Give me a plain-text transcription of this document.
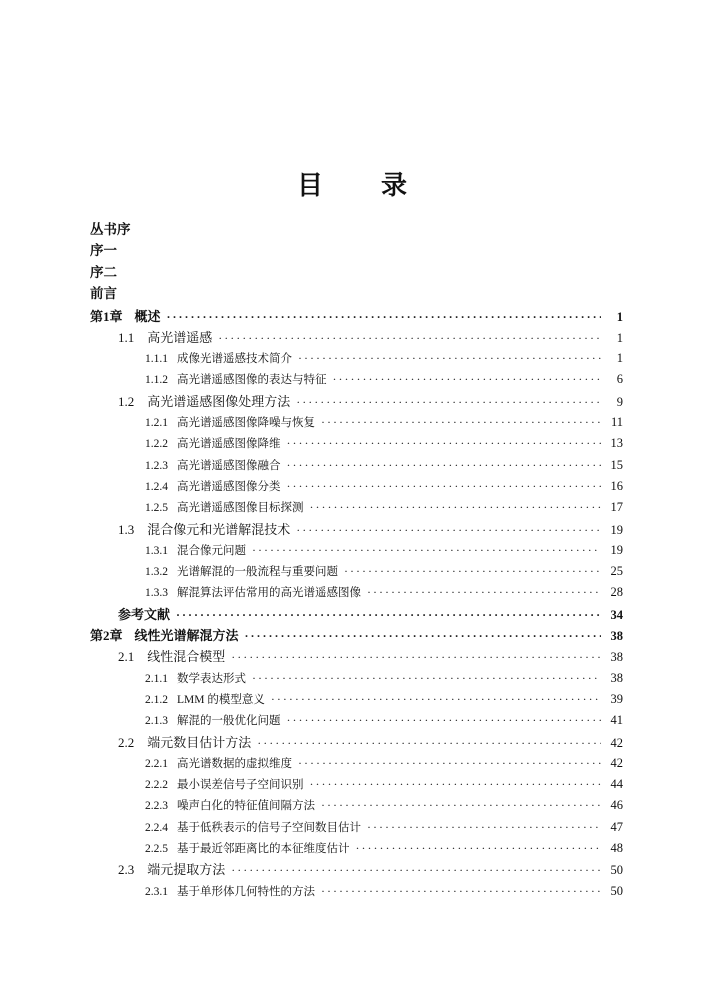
目　　录
丛书序
序一
序二
前言
第1章 概述 ·····	1
1.1 高光谱遥感 ·····	1
1.1.1 成像光谱遥感技术简介 ·····	1
1.1.2 高光谱遥感图像的表达与特征 ·····	6
1.2 高光谱遥感图像处理方法 ·····	9
1.2.1 高光谱遥感图像降噪与恢复 ·····	11
1.2.2 高光谱遥感图像降维 ·····	13
1.2.3 高光谱遥感图像融合 ·····	15
1.2.4 高光谱遥感图像分类 ·····	16
1.2.5 高光谱遥感图像目标探测 ·····	17
1.3 混合像元和光谱解混技术 ·····	19
1.3.1 混合像元问题 ·····	19
1.3.2 光谱解混的一般流程与重要问题 ·····	25
1.3.3 解混算法评估常用的高光谱遥感图像 ·····	28
参考文献 ·····	34
第2章 线性光谱解混方法 ·····	38
2.1 线性混合模型 ·····	38
2.1.1 数学表达形式 ·····	38
2.1.2 LMM 的模型意义 ·····	39
2.1.3 解混的一般优化问题 ·····	41
2.2 端元数目估计方法 ·····	42
2.2.1 高光谱数据的虚拟维度 ·····	42
2.2.2 最小误差信号子空间识别 ·····	44
2.2.3 噪声白化的特征值间隔方法 ·····	46
2.2.4 基于低秩表示的信号子空间数目估计 ·····	47
2.2.5 基于最近邻距离比的本征维度估计 ·····	48
2.3 端元提取方法 ·····	50
2.3.1 基于单形体几何特性的方法 ·····	50
